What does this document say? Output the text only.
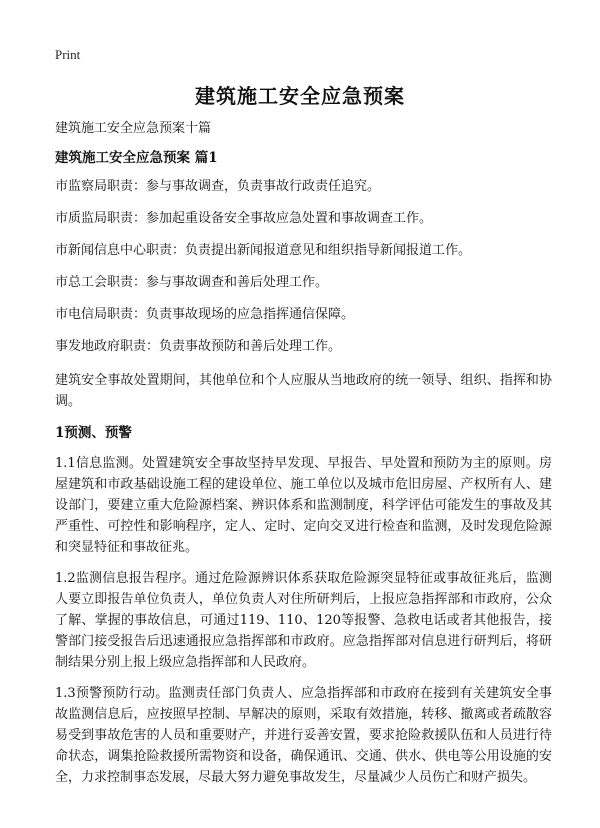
Print
建筑施工安全应急预案

建筑施工安全应急预案十篇

建筑施工安全应急预案 篇1

市监察局职责：参与事故调查，负责事故行政责任追究。

市质监局职责：参加起重设备安全事故应急处置和事故调查工作。

市新闻信息中心职责：负责提出新闻报道意见和组织指导新闻报道工作。

市总工会职责：参与事故调查和善后处理工作。

市电信局职责：负责事故现场的应急指挥通信保障。

事发地政府职责：负责事故预防和善后处理工作。

建筑安全事故处置期间，其他单位和个人应服从当地政府的统一领导、组织、指挥和协调。

1预测、预警

1.1信息监测。处置建筑安全事故坚持早发现、早报告、早处置和预防为主的原则。房屋建筑和市政基础设施工程的建设单位、施工单位以及城市危旧房屋、产权所有人、建设部门，要建立重大危险源档案、辨识体系和监测制度，科学评估可能发生的事故及其严重性、可控性和影响程序，定人、定时、定向交叉进行检查和监测，及时发现危险源和突显特征和事故征兆。

1.2监测信息报告程序。通过危险源辨识体系获取危险源突显特征或事故征兆后，监测人要立即报告单位负责人，单位负责人对住所研判后，上报应急指挥部和市政府，公众了解、掌握的事故信息，可通过119、110、120等报警、急救电话或者其他报告，接警部门接受报告后迅速通报应急指挥部和市政府。应急指挥部对信息进行研判后，将研制结果分别上报上级应急指挥部和人民政府。

1.3预警预防行动。监测责任部门负责人、应急指挥部和市政府在接到有关建筑安全事故监测信息后，应按照早控制、早解决的原则，采取有效措施，转移、撤离或者疏散容易受到事故危害的人员和重要财产，并进行妥善安置，要求抢险救援队伍和人员进行待命状态，调集抢险救援所需物资和设备，确保通讯、交通、供水、供电等公用设施的安全，力求控制事态发展，尽最大努力避免事故发生，尽量减少人员伤亡和财产损失。
